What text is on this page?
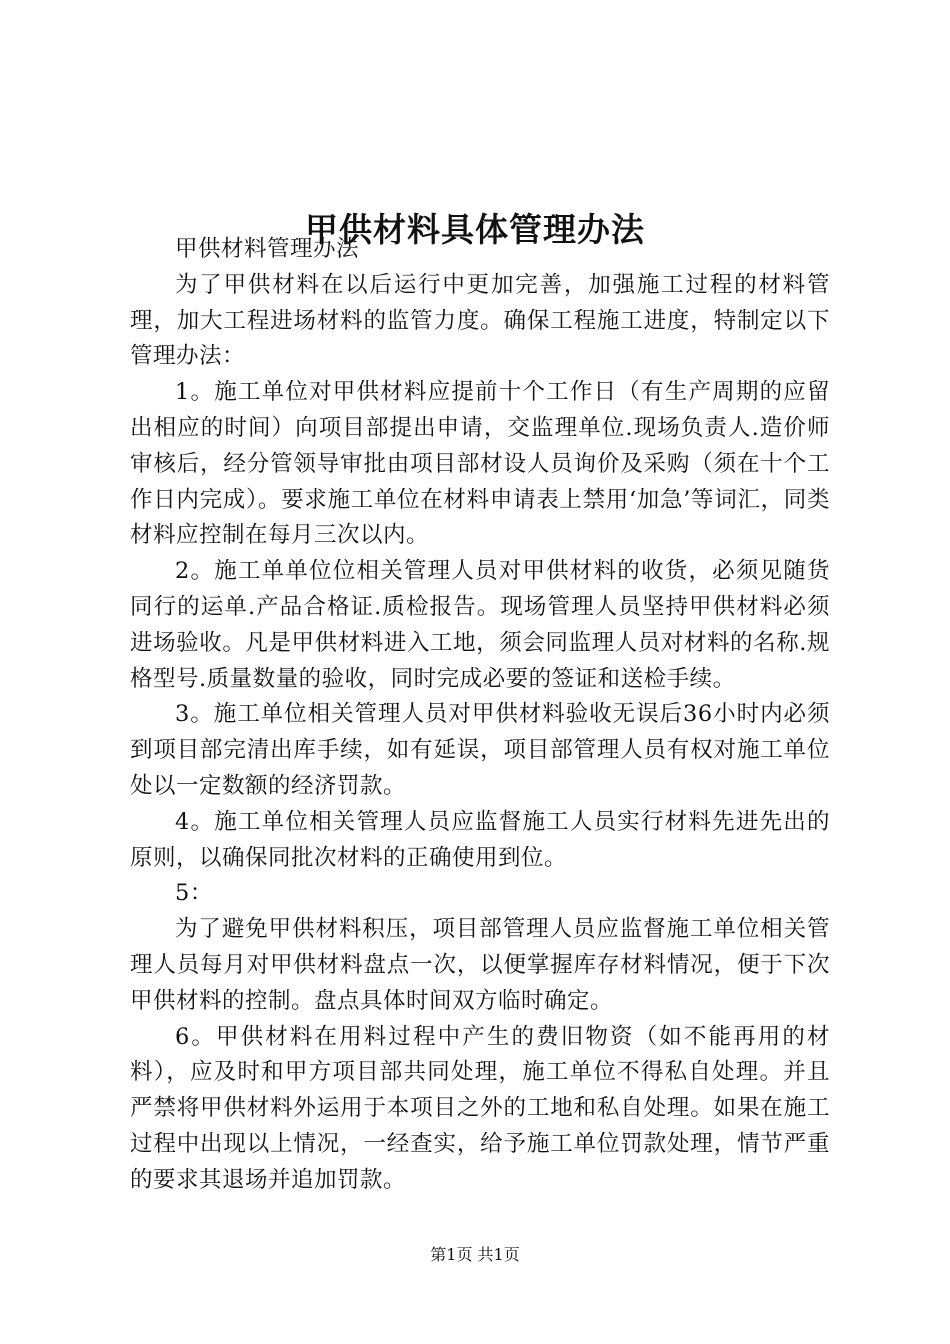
甲供材料具体管理办法

甲供材料管理办法

为了甲供材料在以后运行中更加完善，加强施工过程的材料管理，加大工程进场材料的监管力度。确保工程施工进度，特制定以下管理办法：

1。施工单位对甲供材料应提前十个工作日（有生产周期的应留出相应的时间）向项目部提出申请，交监理单位.现场负责人.造价师审核后，经分管领导审批由项目部材设人员询价及采购（须在十个工作日内完成）。要求施工单位在材料申请表上禁用‘加急’等词汇，同类材料应控制在每月三次以内。

2。施工单单位位相关管理人员对甲供材料的收货，必须见随货同行的运单.产品合格证.质检报告。现场管理人员坚持甲供材料必须进场验收。凡是甲供材料进入工地，须会同监理人员对材料的名称.规格型号.质量数量的验收，同时完成必要的签证和送检手续。

3。施工单位相关管理人员对甲供材料验收无误后36小时内必须到项目部完清出库手续，如有延误，项目部管理人员有权对施工单位处以一定数额的经济罚款。

4。施工单位相关管理人员应监督施工人员实行材料先进先出的原则，以确保同批次材料的正确使用到位。

5：

为了避免甲供材料积压，项目部管理人员应监督施工单位相关管理人员每月对甲供材料盘点一次，以便掌握库存材料情况，便于下次甲供材料的控制。盘点具体时间双方临时确定。

6。甲供材料在用料过程中产生的费旧物资（如不能再用的材料），应及时和甲方项目部共同处理，施工单位不得私自处理。并且严禁将甲供材料外运用于本项目之外的工地和私自处理。如果在施工过程中出现以上情况，一经查实，给予施工单位罚款处理，情节严重的要求其退场并追加罚款。

第1页 共1页
